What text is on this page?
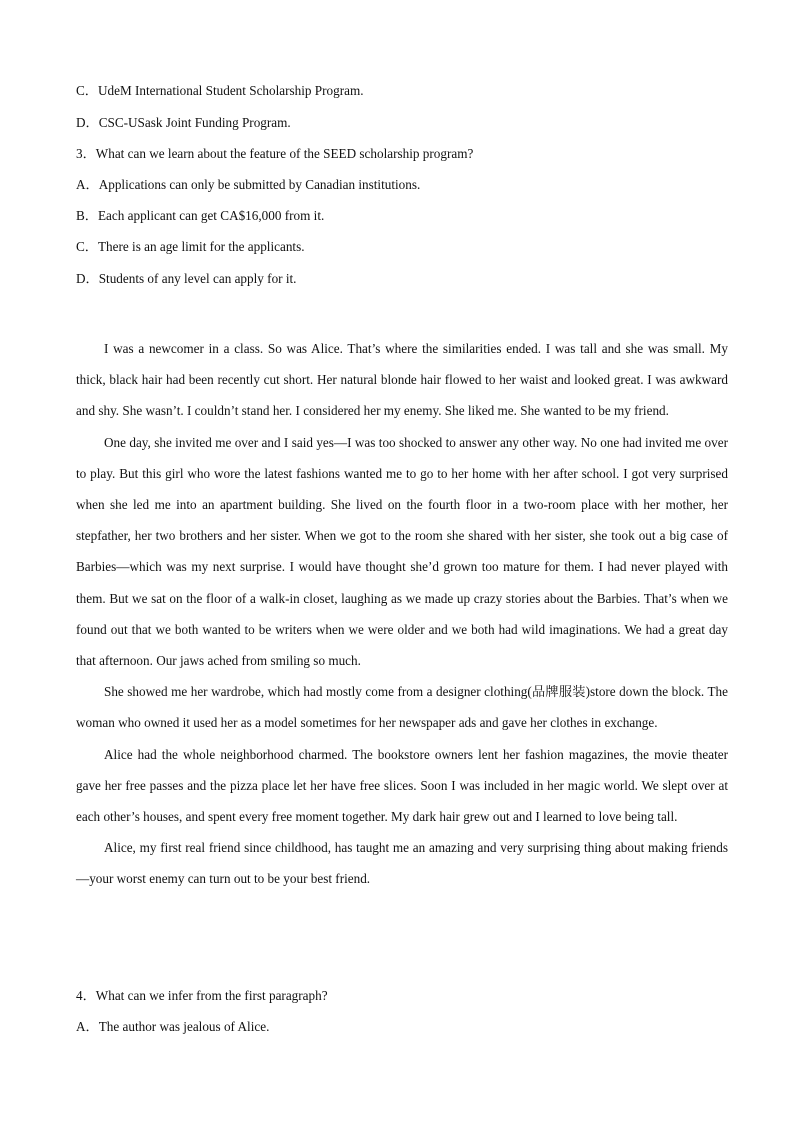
C．UdeM International Student Scholarship Program.
D．CSC-USask Joint Funding Program.
3．What can we learn about the feature of the SEED scholarship program?
A．Applications can only be submitted by Canadian institutions.
B．Each applicant can get CA$16,000 from it.
C．There is an age limit for the applicants.
D．Students of any level can apply for it.

I was a newcomer in a class. So was Alice. That’s where the similarities ended. I was tall and she was small. My thick, black hair had been recently cut short. Her natural blonde hair flowed to her waist and looked great. I was awkward and shy. She wasn’t. I couldn’t stand her. I considered her my enemy. She liked me. She wanted to be my friend.

One day, she invited me over and I said yes—I was too shocked to answer any other way. No one had invited me over to play. But this girl who wore the latest fashions wanted me to go to her home with her after school. I got very surprised when she led me into an apartment building. She lived on the fourth floor in a two-room place with her mother, her stepfather, her two brothers and her sister. When we got to the room she shared with her sister, she took out a big case of Barbies—which was my next surprise. I would have thought she’d grown too mature for them. I had never played with them. But we sat on the floor of a walk-in closet, laughing as we made up crazy stories about the Barbies. That’s when we found out that we both wanted to be writers when we were older and we both had wild imaginations. We had a great day that afternoon. Our jaws ached from smiling so much.

She showed me her wardrobe, which had mostly come from a designer clothing(品牌服装)store down the block. The woman who owned it used her as a model sometimes for her newspaper ads and gave her clothes in exchange.

Alice had the whole neighborhood charmed. The bookstore owners lent her fashion magazines, the movie theater gave her free passes and the pizza place let her have free slices. Soon I was included in her magic world. We slept over at each other’s houses, and spent every free moment together. My dark hair grew out and I learned to love being tall.

Alice, my first real friend since childhood, has taught me an amazing and very surprising thing about making friends—your worst enemy can turn out to be your best friend.

4．What can we infer from the first paragraph?
A．The author was jealous of Alice.
